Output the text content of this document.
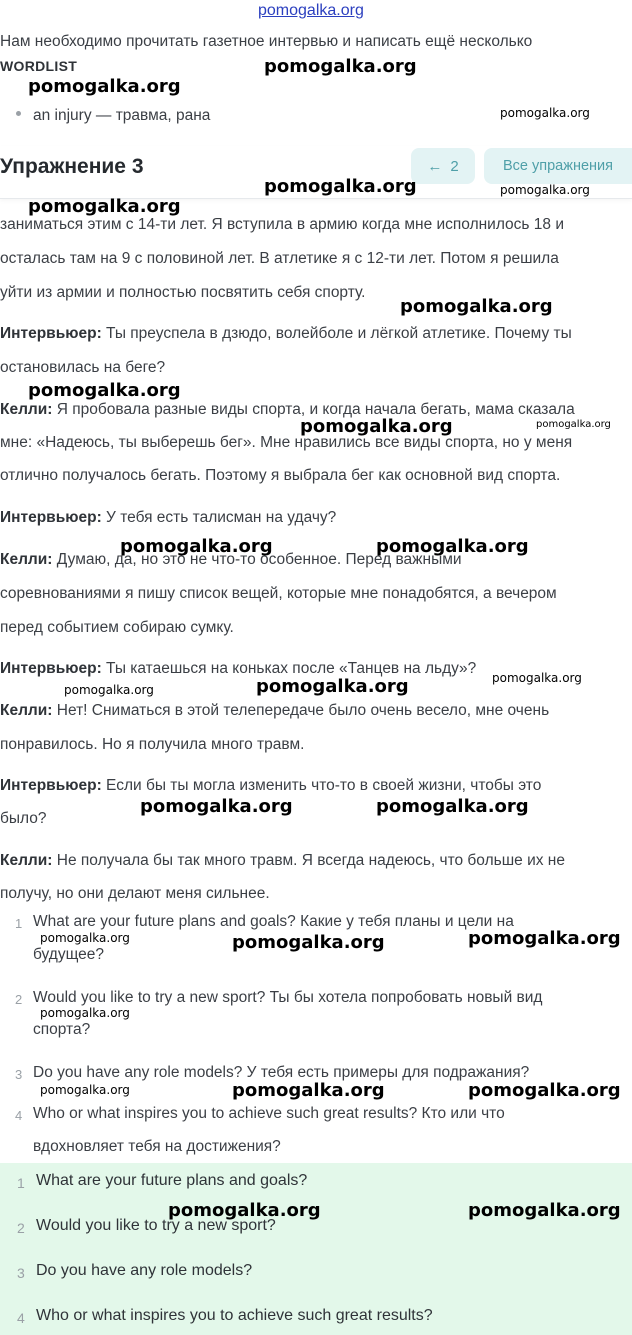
pomogalka.org
Нам необходимо прочитать газетное интервью и написать ещё несколько
WORDLIST
an injury — травма, рана
Упражнение 3	← 2	Все упражнения
заниматься этим с 14-ти лет. Я вступила в армию когда мне исполнилось 18 и
осталась там на 9 с половиной лет. В атлетике я с 12-ти лет. Потом я решила
уйти из армии и полностью посвятить себя спорту.
Интервьюер: Ты преуспела в дзюдо, волейболе и лёгкой атлетике. Почему ты
остановилась на беге?
Келли: Я пробовала разные виды спорта, и когда начала бегать, мама сказала
мне: «Надеюсь, ты выберешь бег». Мне нравились все виды спорта, но у меня
отлично получалось бегать. Поэтому я выбрала бег как основной вид спорта.
Интервьюер: У тебя есть талисман на удачу?
Келли: Думаю, да, но это не что-то особенное. Перед важными
соревнованиями я пишу список вещей, которые мне понадобятся, а вечером
перед событием собираю сумку.
Интервьюер: Ты катаешься на коньках после «Танцев на льду»?
Келли: Нет! Сниматься в этой телепередаче было очень весело, мне очень
понравилось. Но я получила много травм.
Интервьюер: Если бы ты могла изменить что-то в своей жизни, чтобы это
было?
Келли: Не получала бы так много травм. Я всегда надеюсь, что больше их не
получу, но они делают меня сильнее.
1 What are your future plans and goals? Какие у тебя планы и цели на
будущее?
2 Would you like to try a new sport? Ты бы хотела попробовать новый вид
спорта?
3 Do you have any role models? У тебя есть примеры для подражания?
4 Who or what inspires you to achieve such great results? Кто или что
вдохновляет тебя на достижения?
1 What are your future plans and goals?
2 Would you like to try a new sport?
3 Do you have any role models?
4 Who or what inspires you to achieve such great results?
pomogalka.org
pomogalka.org
pomogalka.org
pomogalka.org	pomogalka.org
pomogalka.org
pomogalka.org
pomogalka.org
pomogalka.org	pomogalka.org
pomogalka.org	pomogalka.org
pomogalka.org
pomogalka.org
pomogalka.org
pomogalka.org	pomogalka.org
pomogalka.org	pomogalka.org	pomogalka.org
pomogalka.org
pomogalka.org	pomogalka.org	pomogalka.org
pomogalka.org	pomogalka.org
